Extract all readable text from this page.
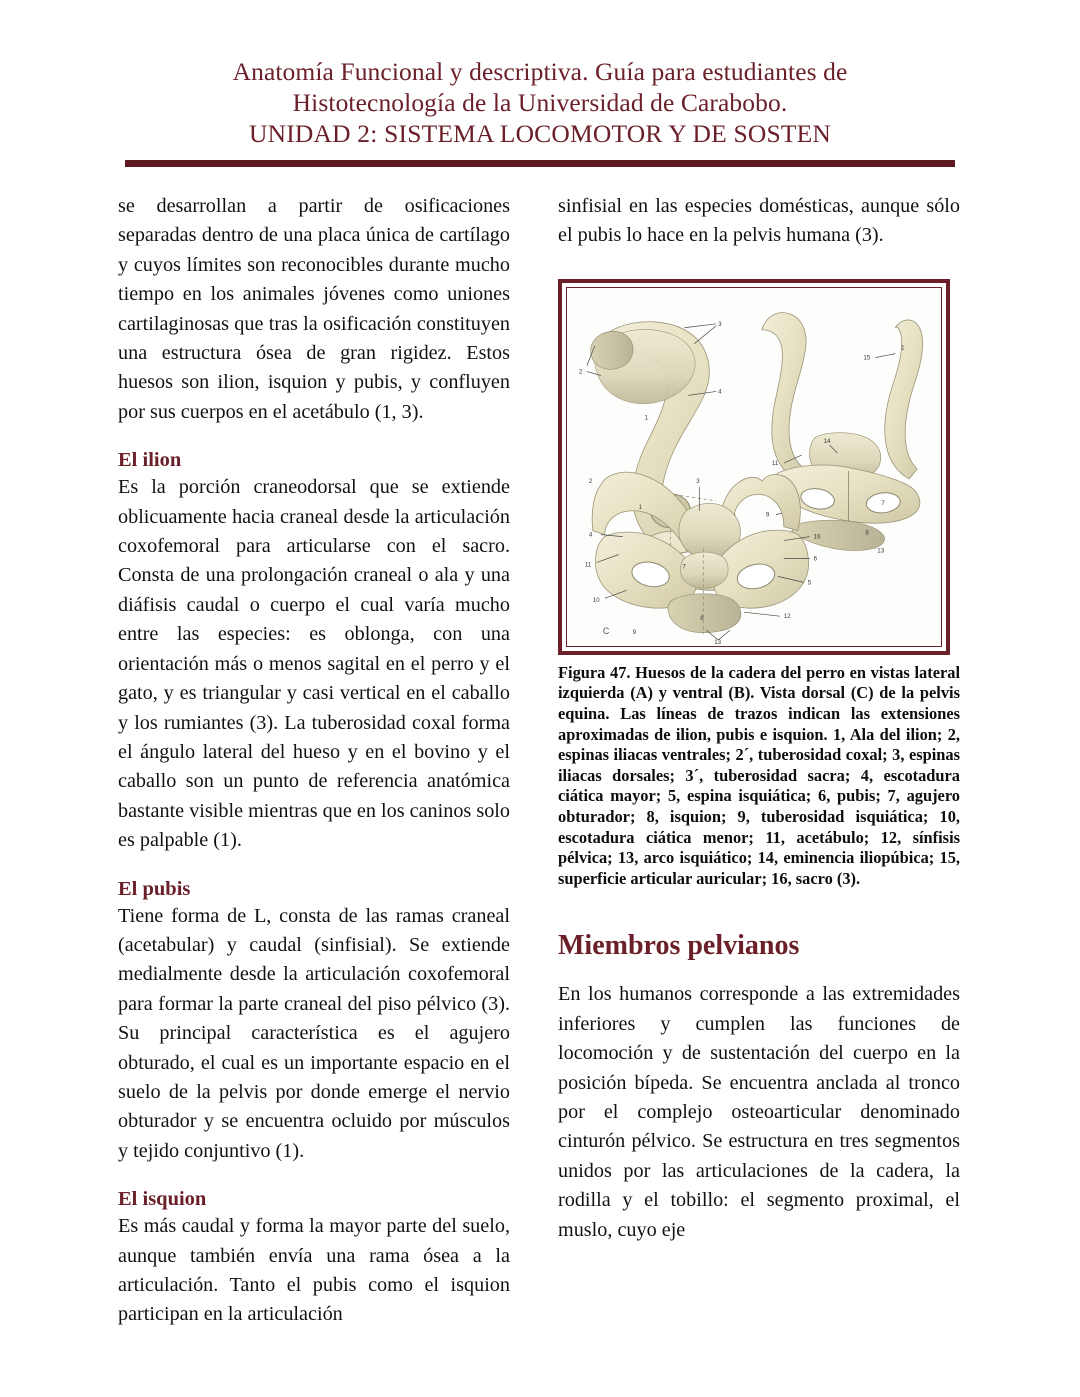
Anatomía Funcional y descriptiva. Guía para estudiantes de
Histotecnología de la Universidad de Carabobo.
UNIDAD 2: SISTEMA LOCOMOTOR Y DE SOSTEN

se desarrollan a partir de osificaciones separadas dentro de una placa única de cartílago y cuyos límites son reconocibles durante mucho tiempo en los animales jóvenes como uniones cartilaginosas que tras la osificación constituyen una estructura ósea de gran rigidez. Estos huesos son ilion, isquion y pubis, y confluyen por sus cuerpos en el acetábulo (1, 3).

El ilion

Es la porción craneodorsal que se extiende oblicuamente hacia craneal desde la articulación coxofemoral para articularse con el sacro. Consta de una prolongación craneal o ala y una diáfisis caudal o cuerpo el cual varía mucho entre las especies: es oblonga, con una orientación más o menos sagital en el perro y el gato, y es triangular y casi vertical en el caballo y los rumiantes (3). La tuberosidad coxal forma el ángulo lateral del hueso y en el bovino y el caballo son un punto de referencia anatómica bastante visible mientras que en los caninos solo es palpable (1).

El pubis

Tiene forma de L, consta de las ramas craneal (acetabular) y caudal (sinfisial). Se extiende medialmente desde la articulación coxofemoral para formar la parte craneal del piso pélvico (3). Su principal característica es el agujero obturado, el cual es un importante espacio en el suelo de la pelvis por donde emerge el nervio obturador y se encuentra ocluido por músculos y tejido conjuntivo (1).

El isquion

Es más caudal y forma la mayor parte del suelo, aunque también envía una rama ósea a la articulación. Tanto el pubis como el isquion participan en la articulación

sinfisial en las especies domésticas, aunque sólo el pubis lo hace en la pelvis humana (3).

3
2
4
1
15
1
11
14
9
7
13
8
2	3
1
4
11
10
16
6
5
12
8
13
9
7
C

Figura 47. Huesos de la cadera del perro en vistas lateral izquierda (A) y ventral (B). Vista dorsal (C) de la pelvis equina. Las líneas de trazos indican las extensiones aproximadas de ilion, pubis e isquion. 1, Ala del ilion; 2, espinas iliacas ventrales; 2´, tuberosidad coxal; 3, espinas iliacas dorsales; 3´, tuberosidad sacra; 4, escotadura ciática mayor; 5, espina isquiática; 6, pubis; 7, agujero obturador; 8, isquion; 9, tuberosidad isquiática; 10, escotadura ciática menor; 11, acetábulo; 12, sínfisis pélvica; 13, arco isquiático; 14, eminencia iliopúbica; 15, superficie articular auricular; 16, sacro (3).

Miembros pelvianos

En los humanos corresponde a las extremidades inferiores y cumplen las funciones de locomoción y de sustentación del cuerpo en la posición bípeda. Se encuentra anclada al tronco por el complejo osteoarticular denominado cinturón pélvico. Se estructura en tres segmentos unidos por las articulaciones de la cadera, la rodilla y el tobillo: el segmento proximal, el muslo, cuyo eje
